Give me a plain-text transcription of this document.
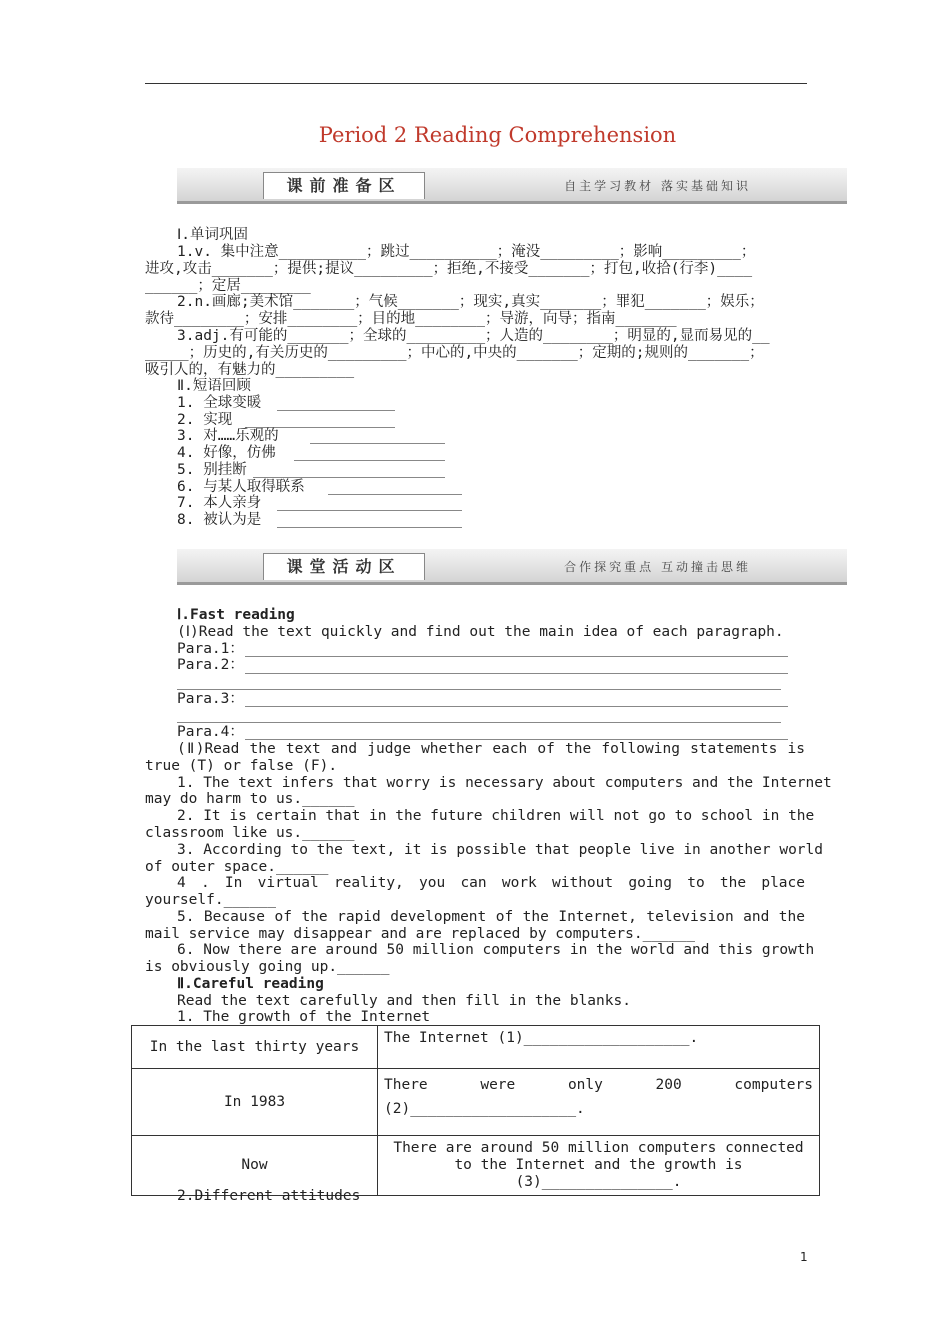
Period 2 Reading Comprehension
课前准备区	自主学习教材 落实基础知识
Ⅰ.单词巩固
1.v. 集中注意__________；跳过__________；淹没_________；影响_________；
进攻,攻击_______；提供;提议_________；拒绝,不接受_______；打包,收拾(行李)____
______；定居________
2.n.画廊;美术馆_______；气候_______；现实,真实_______；罪犯_______；娱乐；
款待________；安排________；目的地________；导游，向导；指南_______
3.adj.有可能的_______；全球的_________；人造的________；明显的,显而易见的__
_____；历史的,有关历史的_________；中心的,中央的_______；定期的;规则的_______；
吸引人的，有魅力的_________
Ⅱ.短语回顾
1. 全球变暖
2. 实现
3. 对……乐观的
4. 好像，仿佛
5. 别挂断
6. 与某人取得联系
7. 本人亲身
8. 被认为是
课堂活动区	合作探究重点 互动撞击思维
Ⅰ.Fast reading
(Ⅰ)Read the text quickly and find out the main idea of each paragraph.
Para.1：
Para.2：
Para.3：
Para.4：
(Ⅱ)Read the text and judge whether each of the following statements is
true (T) or false (F).
1. The text infers that worry is necessary about computers and the Internet
may do harm to us.______
2. It is certain that in the future children will not go to school in the
classroom like us.______
3. According to the text, it is possible that people live in another world
of outer space.______
4 . In virtual reality, you can work without going to the place
yourself.______
5. Because of the rapid development of the Internet, television and the
mail service may disappear and are replaced by computers.______
6. Now there are around 50 million computers in the world and this growth
is obviously going up.______
Ⅱ.Careful reading
Read the text carefully and then fill in the blanks.
1. The growth of the Internet
In the last thirty years	The Internet (1)___________________.
In 1983	There were only 200 computers (2)___________________.

Now	There are around 50 million computers connected to the Internet and the growth is (3)_______________.
2.Different attitudes
1
